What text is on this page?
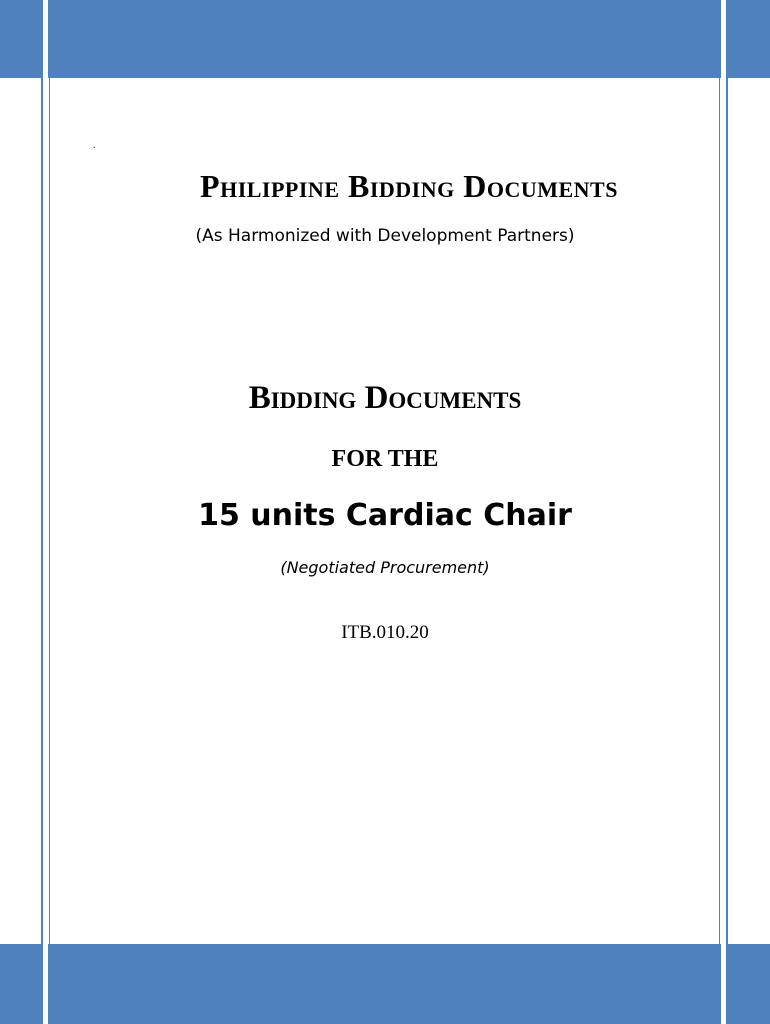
.
Philippine Bidding Documents
(As Harmonized with Development Partners)
Bidding Documents
FOR THE
15 units Cardiac Chair
(Negotiated Procurement)
ITB.010.20
